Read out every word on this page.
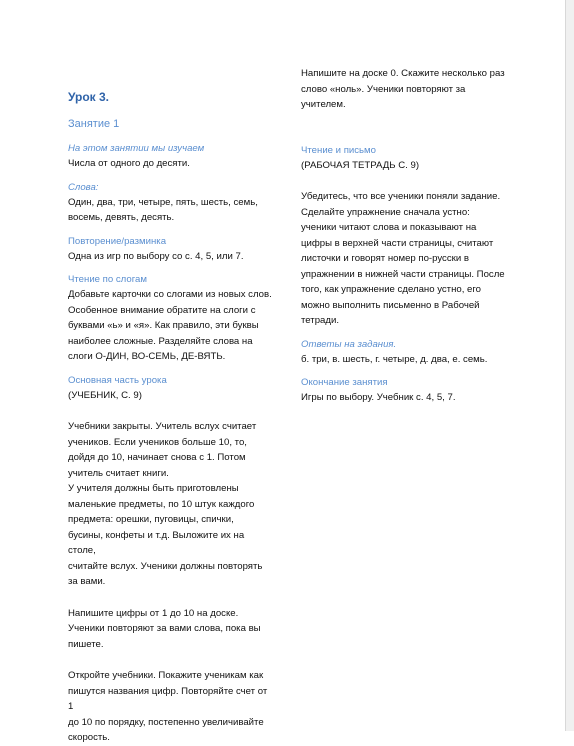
Урок 3.
Занятие 1
На этом занятии мы изучаем
Числа от одного до десяти.
Слова:
Один, два, три, четыре, пять, шесть, семь,
восемь, девять, десять.
Повторение/разминка
Одна из игр по выбору со с. 4, 5, или 7.
Чтение по слогам
Добавьте карточки со слогами из новых слов.
Особенное внимание обратите на слоги с
буквами «ь» и «я». Как правило, эти буквы
наиболее сложные. Разделяйте слова на
слоги О-ДИН, ВО-СЕМЬ, ДЕ-ВЯТЬ.
Основная часть урока
(УЧЕБНИК, С. 9)
Учебники закрыты. Учитель вслух считает
учеников. Если учеников больше 10, то,
дойдя до 10, начинает снова с 1. Потом
учитель считает книги.
У учителя должны быть приготовлены
маленькие предметы, по 10 штук каждого
предмета: орешки, пуговицы, спички,
бусины, конфеты и т.д. Выложите их на столе,
считайте вслух. Ученики должны повторять
за вами.
Напишите цифры от 1 до 10 на доске.
Ученики повторяют за вами слова, пока вы
пишете.
Откройте учебники. Покажите ученикам как
пишутся названия цифр. Повторяйте счет от 1
до 10 по порядку, постепенно увеличивайте
скорость.
Напишите на доске 0. Скажите несколько раз
слово «ноль». Ученики повторяют за
учителем.
Чтение и письмо
(РАБОЧАЯ ТЕТРАДЬ С. 9)
Убедитесь, что все ученики поняли задание.
Сделайте упражнение сначала устно:
ученики читают слова и показывают на
цифры в верхней части страницы, считают
листочки и говорят номер по-русски в
упражнении в нижней части страницы. После
того, как упражнение сделано устно, его
можно выполнить письменно в Рабочей
тетради.
Ответы на задания.
б. три, в. шесть, г. четыре, д. два, е. семь.
Окончание занятия
Игры по выбору. Учебник с. 4, 5, 7.
